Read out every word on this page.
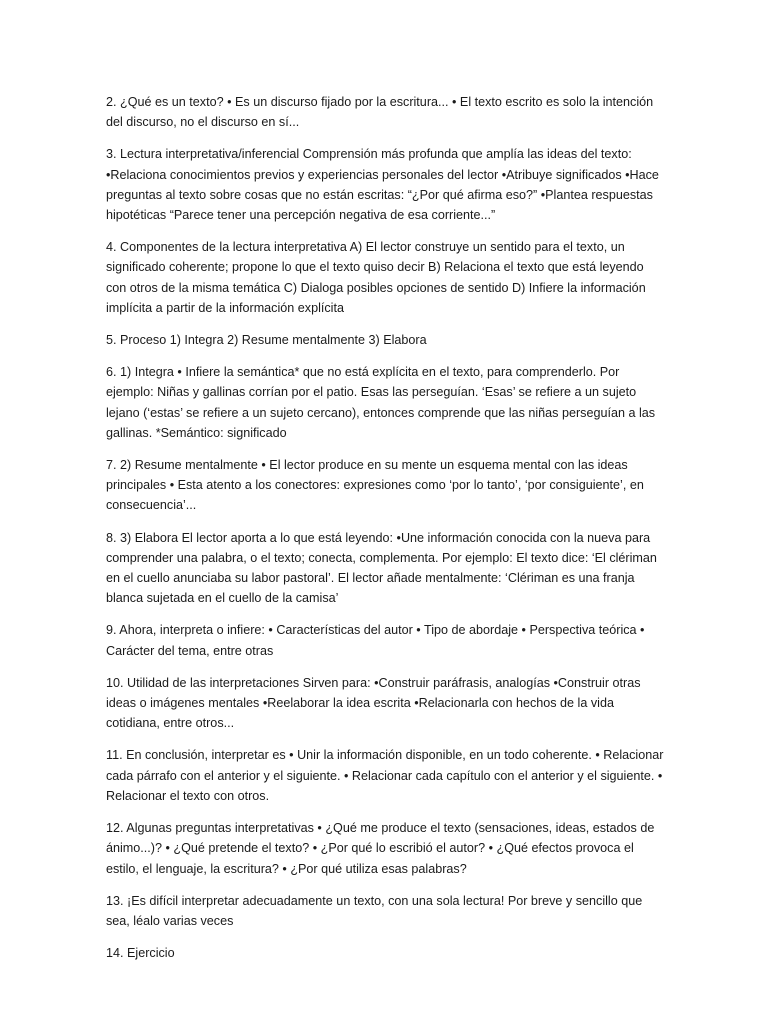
2. ¿Qué es un texto? • Es un discurso fijado por la escritura... • El texto escrito es solo la intención del discurso, no el discurso en sí...

3. Lectura interpretativa/inferencial Comprensión más profunda que amplía las ideas del texto: •Relaciona conocimientos previos y experiencias personales del lector •Atribuye significados •Hace preguntas al texto sobre cosas que no están escritas: “¿Por qué afirma eso?” •Plantea respuestas hipotéticas “Parece tener una percepción negativa de esa corriente...”

4. Componentes de la lectura interpretativa A) El lector construye un sentido para el texto, un significado coherente; propone lo que el texto quiso decir B) Relaciona el texto que está leyendo con otros de la misma temática C) Dialoga posibles opciones de sentido D) Infiere la información implícita a partir de la información explícita

5. Proceso 1) Integra 2) Resume mentalmente 3) Elabora

6. 1) Integra • Infiere la semántica* que no está explícita en el texto, para comprenderlo. Por ejemplo: Niñas y gallinas corrían por el patio. Esas las perseguían. ‘Esas’ se refiere a un sujeto lejano (‘estas’ se refiere a un sujeto cercano), entonces comprende que las niñas perseguían a las gallinas. *Semántico: significado

7. 2) Resume mentalmente • El lector produce en su mente un esquema mental con las ideas principales • Esta atento a los conectores: expresiones como ‘por lo tanto’, ‘por consiguiente’, en consecuencia’...

8. 3) Elabora El lector aporta a lo que está leyendo: •Une información conocida con la nueva para comprender una palabra, o el texto; conecta, complementa. Por ejemplo: El texto dice: ‘El clériman en el cuello anunciaba su labor pastoral’. El lector añade mentalmente: ‘Clériman es una franja blanca sujetada en el cuello de la camisa’

9. Ahora, interpreta o infiere: • Características del autor • Tipo de abordaje • Perspectiva teórica • Carácter del tema, entre otras

10. Utilidad de las interpretaciones Sirven para: •Construir paráfrasis, analogías •Construir otras ideas o imágenes mentales •Reelaborar la idea escrita •Relacionarla con hechos de la vida cotidiana, entre otros...

11. En conclusión, interpretar es • Unir la información disponible, en un todo coherente. • Relacionar cada párrafo con el anterior y el siguiente. • Relacionar cada capítulo con el anterior y el siguiente. • Relacionar el texto con otros.

12. Algunas preguntas interpretativas • ¿Qué me produce el texto (sensaciones, ideas, estados de ánimo...)? • ¿Qué pretende el texto? • ¿Por qué lo escribió el autor? • ¿Qué efectos provoca el estilo, el lenguaje, la escritura? • ¿Por qué utiliza esas palabras?

13. ¡Es difícil interpretar adecuadamente un texto, con una sola lectura! Por breve y sencillo que sea, léalo varias veces

14. Ejercicio
